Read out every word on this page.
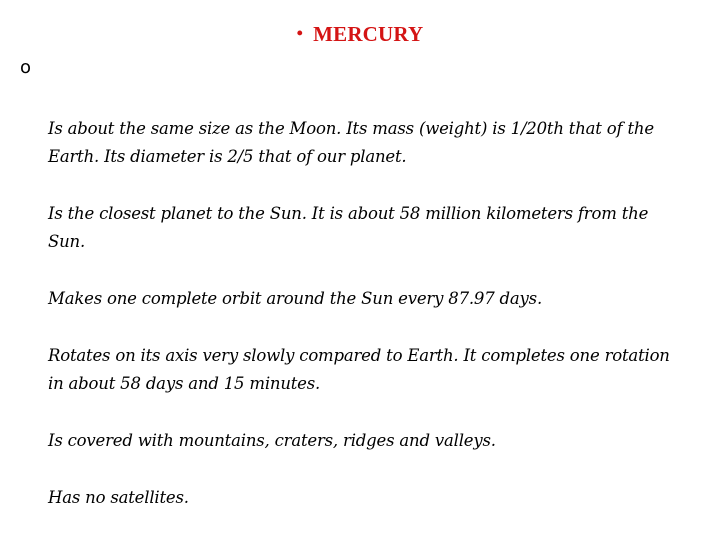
• MERCURY
o

Is about the same size as the Moon. Its mass (weight) is 1/20th that of the Earth. Its diameter is 2/5 that of our planet.

Is the closest planet to the Sun. It is about 58 million kilometers from the Sun.

Makes one complete orbit around the Sun every 87.97 days.

Rotates on its axis very slowly compared to Earth. It completes one rotation in about 58 days and 15 minutes.

Is covered with mountains, craters, ridges and valleys.

Has no satellites.
